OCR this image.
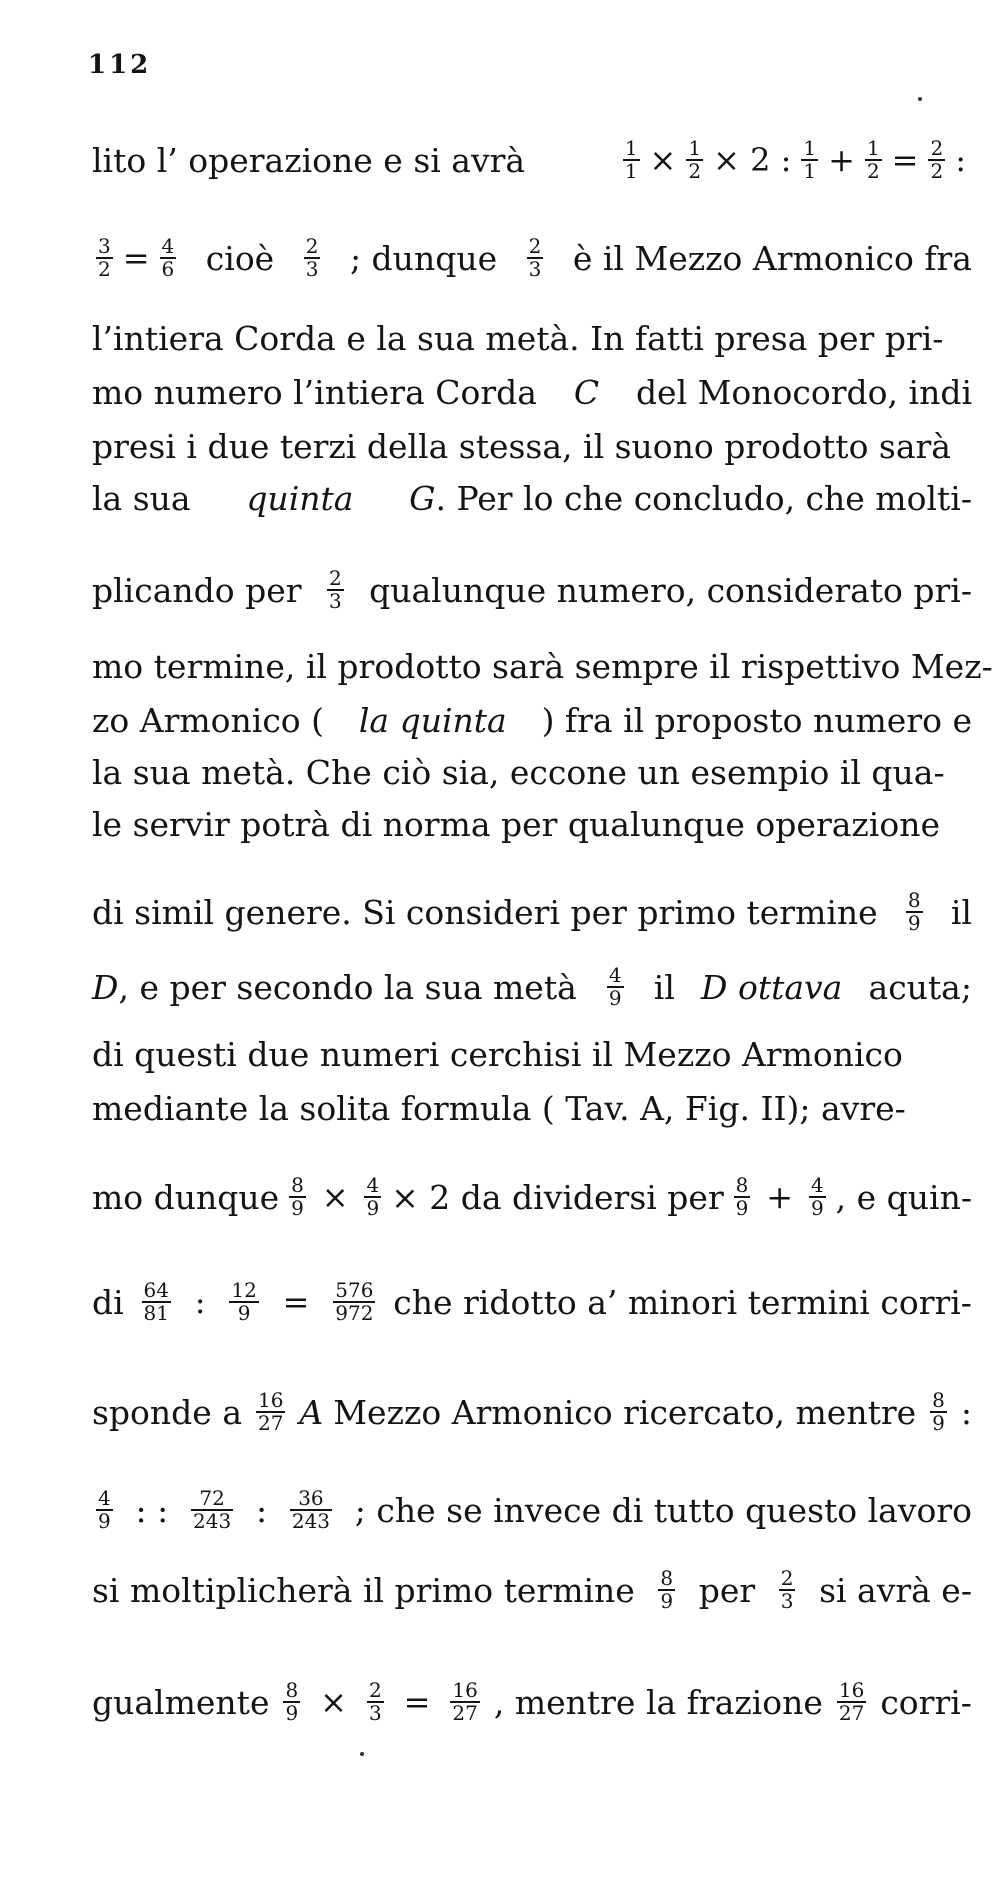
112
lito l’ operazione e si avrà	$\frac{1}{1} \times \frac{1}{2} \times 2$ : $\frac{1}{1} + \frac{1}{2} = \frac{2}{2}$ :
$\frac{3}{2} = \frac{4}{6}$ cioè $\frac{2}{3}$ ; dunque $\frac{2}{3}$ è il Mezzo Armonico fra
l’intiera Corda e la sua metà. In fatti presa per pri-
mo numero l’intiera Corda C del Monocordo, indi
presi i due terzi della stessa, il suono prodotto sarà
la sua quinta G. Per lo che concludo, che molti-
plicando per $\frac{2}{3}$ qualunque numero, considerato pri-
mo termine, il prodotto sarà sempre il rispettivo Mez-
zo Armonico ( la quinta ) fra il proposto numero e
la sua metà. Che ciò sia, eccone un esempio il qua-
le servir potrà di norma per qualunque operazione
di simil genere. Si consideri per primo termine $\frac{8}{9}$ il
D, e per secondo la sua metà $\frac{4}{9}$ il D ottava acuta;
di questi due numeri cerchisi il Mezzo Armonico
mediante la solita formula ( Tav. A, Fig. II); avre-
mo dunque $\frac{8}{9} \times \frac{4}{9} \times 2$ da dividersi per $\frac{8}{9} + \frac{4}{9}$ , e quin-
di $\frac{64}{81}$ : $\frac{12}{9} = \frac{576}{972}$ che ridotto a’ minori termini corri-
sponde a $\frac{16}{27}$ A Mezzo Armonico ricercato, mentre $\frac{8}{9}$ :
$\frac{4}{9}$ : : $\frac{72}{243}$ : $\frac{36}{243}$ ; che se invece di tutto questo lavoro
si moltiplicherà il primo termine $\frac{8}{9}$ per $\frac{2}{3}$ si avrà e-
gualmente $\frac{8}{9} \times \frac{2}{3} = \frac{16}{27}$ , mentre la frazione $\frac{16}{27}$ corri-
